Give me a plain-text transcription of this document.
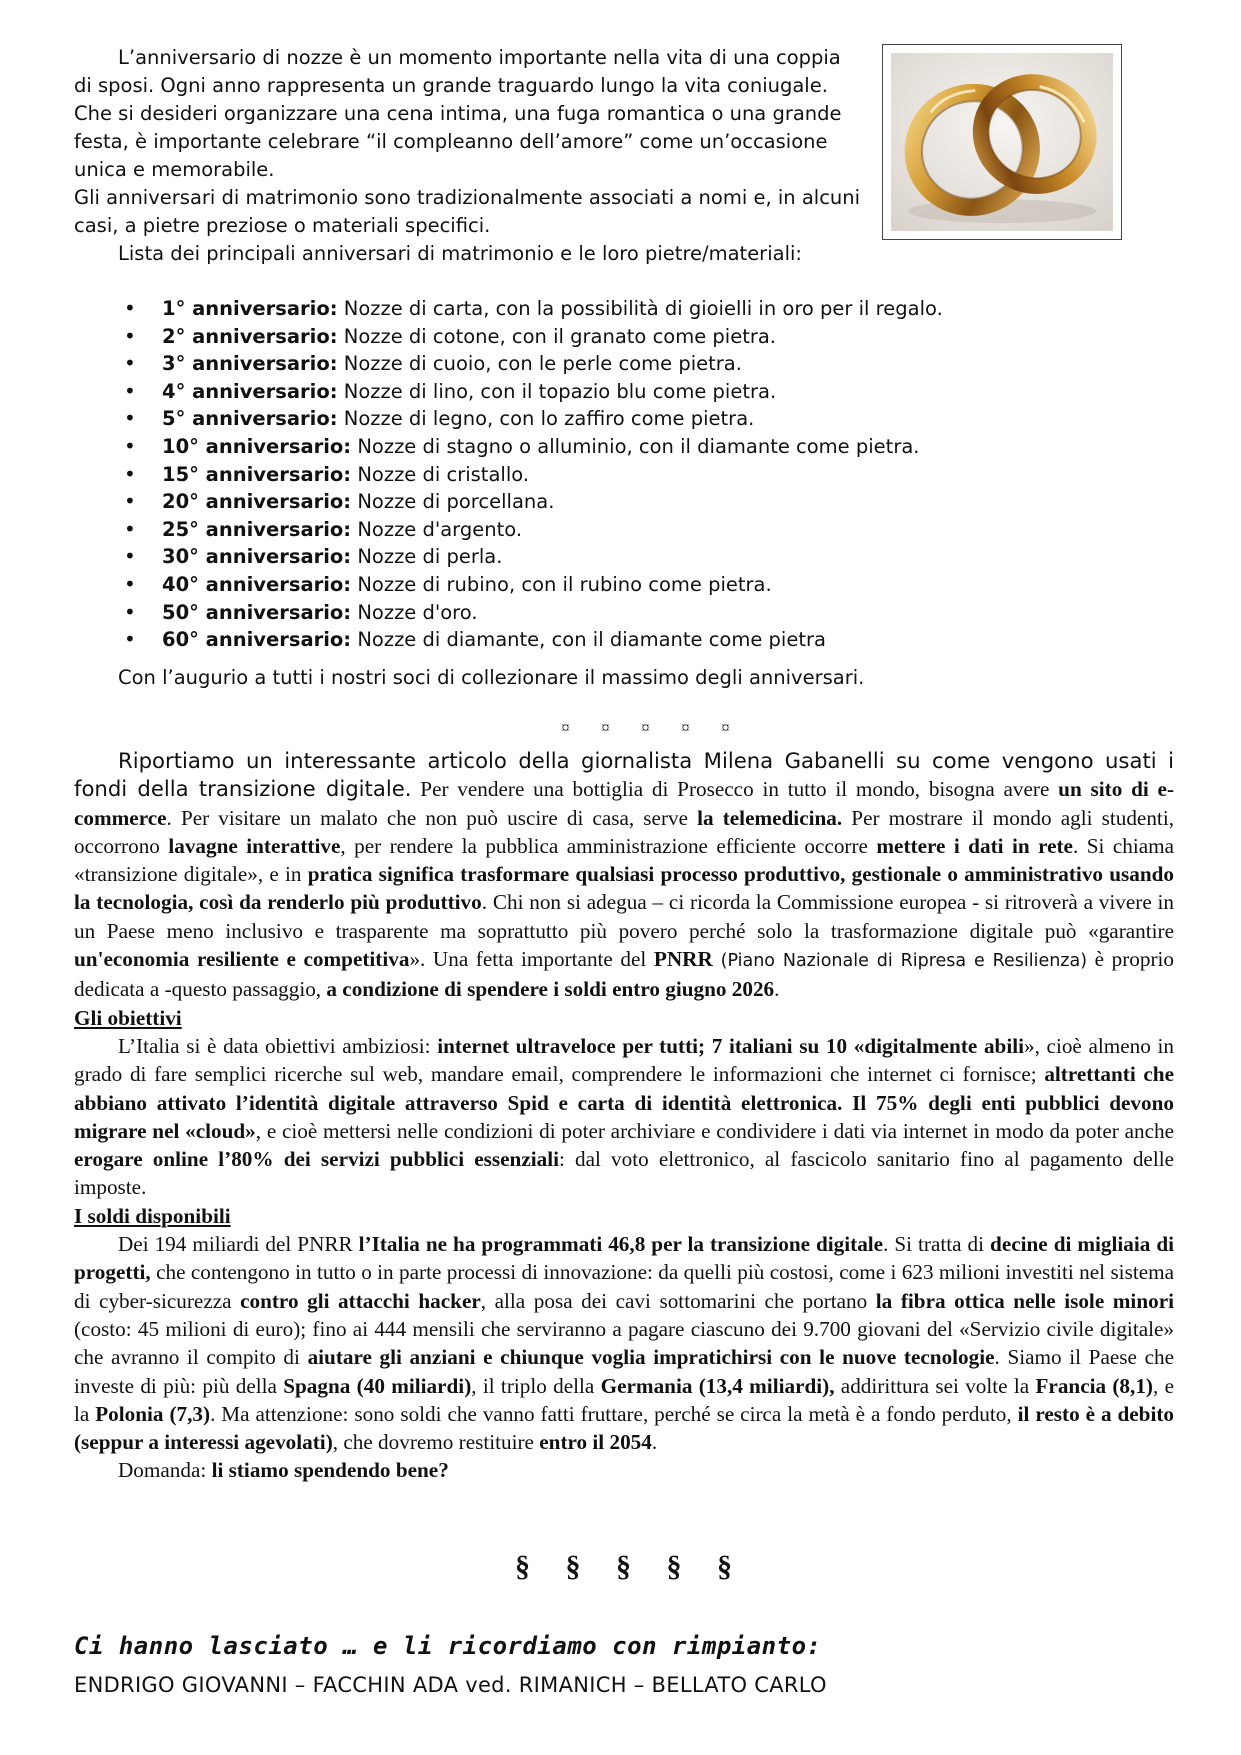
L’anniversario di nozze è un momento importante nella vita di una coppia di sposi. Ogni anno rappresenta un grande traguardo lungo la vita coniugale. Che si desideri organizzare una cena intima, una fuga romantica o una grande festa, è importante celebrare “il compleanno dell’amore” come un’occasione unica e memorabile.

Gli anniversari di matrimonio sono tradizionalmente associati a nomi e, in alcuni casi, a pietre preziose o materiali specifici.

Lista dei principali anniversari di matrimonio e le loro pietre/materiali:

• 1° anniversario: Nozze di carta, con la possibilità di gioielli in oro per il regalo.
• 2° anniversario: Nozze di cotone, con il granato come pietra.
• 3° anniversario: Nozze di cuoio, con le perle come pietra.
• 4° anniversario: Nozze di lino, con il topazio blu come pietra.
• 5° anniversario: Nozze di legno, con lo zaffiro come pietra.
• 10° anniversario: Nozze di stagno o alluminio, con il diamante come pietra.
• 15° anniversario: Nozze di cristallo.
• 20° anniversario: Nozze di porcellana.
• 25° anniversario: Nozze d'argento.
• 30° anniversario: Nozze di perla.
• 40° anniversario: Nozze di rubino, con il rubino come pietra.
• 50° anniversario: Nozze d'oro.
• 60° anniversario: Nozze di diamante, con il diamante come pietra

Con l’augurio a tutti i nostri soci di collezionare il massimo degli anniversari.

¤ ¤ ¤ ¤ ¤

Riportiamo un interessante articolo della giornalista Milena Gabanelli su come vengono usati i fondi della transizione digitale. Per vendere una bottiglia di Prosecco in tutto il mondo, bisogna avere un sito di e-commerce. Per visitare un malato che non può uscire di casa, serve la telemedicina. Per mostrare il mondo agli studenti, occorrono lavagne interattive, per rendere la pubblica amministrazione efficiente occorre mettere i dati in rete. Si chiama «transizione digitale», e in pratica significa trasformare qualsiasi processo produttivo, gestionale o amministrativo usando la tecnologia, così da renderlo più produttivo. Chi non si adegua – ci ricorda la Commissione europea - si ritroverà a vivere in un Paese meno inclusivo e trasparente ma soprattutto più povero perché solo la trasformazione digitale può «garantire un'economia resiliente e competitiva». Una fetta importante del PNRR (Piano Nazionale di Ripresa e Resilienza) è proprio dedicata a -questo passaggio, a condizione di spendere i soldi entro giugno 2026.

Gli obiettivi

L’Italia si è data obiettivi ambiziosi: internet ultraveloce per tutti; 7 italiani su 10 «digitalmente abili», cioè almeno in grado di fare semplici ricerche sul web, mandare email, comprendere le informazioni che internet ci fornisce; altrettanti che abbiano attivato l’identità digitale attraverso Spid e carta di identità elettronica. Il 75% degli enti pubblici devono migrare nel «cloud», e cioè mettersi nelle condizioni di poter archiviare e condividere i dati via internet in modo da poter anche erogare online l’80% dei servizi pubblici essenziali: dal voto elettronico, al fascicolo sanitario fino al pagamento delle imposte.

I soldi disponibili

Dei 194 miliardi del PNRR l’Italia ne ha programmati 46,8 per la transizione digitale. Si tratta di decine di migliaia di progetti, che contengono in tutto o in parte processi di innovazione: da quelli più costosi, come i 623 milioni investiti nel sistema di cyber-sicurezza contro gli attacchi hacker, alla posa dei cavi sottomarini che portano la fibra ottica nelle isole minori (costo: 45 milioni di euro); fino ai 444 mensili che serviranno a pagare ciascuno dei 9.700 giovani del «Servizio civile digitale» che avranno il compito di aiutare gli anziani e chiunque voglia impratichirsi con le nuove tecnologie. Siamo il Paese che investe di più: più della Spagna (40 miliardi), il triplo della Germania (13,4 miliardi), addirittura sei volte la Francia (8,1), e la Polonia (7,3). Ma attenzione: sono soldi che vanno fatti fruttare, perché se circa la metà è a fondo perduto, il resto è a debito (seppur a interessi agevolati), che dovremo restituire entro il 2054.

Domanda: li stiamo spendendo bene?

§ § § § §

Ci hanno lasciato … e li ricordiamo con rimpianto:

ENDRIGO GIOVANNI – FACCHIN ADA ved. RIMANICH – BELLATO CARLO
